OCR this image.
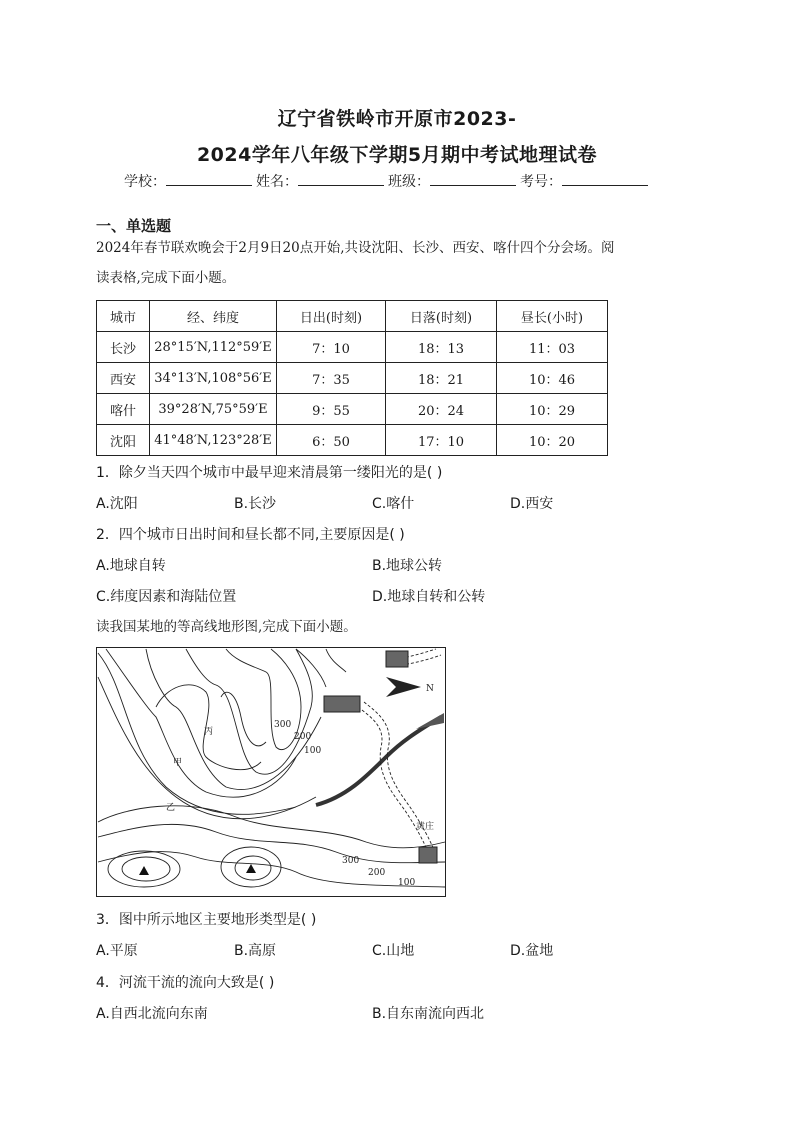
辽宁省铁岭市开原市2023-
2024学年八年级下学期5月期中考试地理试卷
学校：	姓名：	班级：	考号：
一、单选题
2024年春节联欢晚会于2月9日20点开始,共设沈阳、长沙、西安、喀什四个分会场。阅
读表格,完成下面小题。
城市	经、纬度	日出(时刻)	日落(时刻)	昼长(小时)
长沙	28°15′N,112°59′E	7：10	18：13	11：03
西安	34°13′N,108°56′E	7：35	18：21	10：46
喀什	39°28′N,75°59′E	9：55	20：24	10：29
沈阳	41°48′N,123°28′E	6：50	17：10	10：20
1．除夕当天四个城市中最早迎来清晨第一缕阳光的是( )
A.沈阳	B.长沙	C.喀什	D.西安
2．四个城市日出时间和昼长都不同,主要原因是( )
A.地球自转	B.地球公转
C.纬度因素和海陆位置	D.地球自转和公转
读我国某地的等高线地形图,完成下面小题。
N
丙
甲
乙
黄庄
300
200
100
300
200
100
3．图中所示地区主要地形类型是( )
A.平原	B.高原	C.山地	D.盆地
4．河流干流的流向大致是( )
A.自西北流向东南	B.自东南流向西北
